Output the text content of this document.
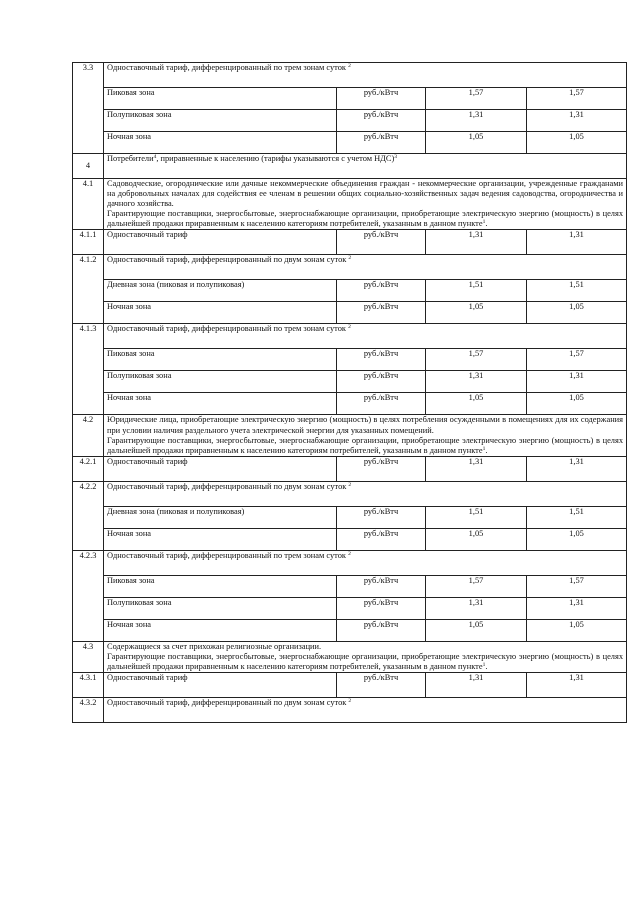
3.3	Одноставочный тариф, дифференцированный по трем зонам суток $^2$
	Пиковая зона	руб./кВтч	1,57	1,57
	Полупиковая зона	руб./кВтч	1,31	1,31
	Ночная зона	руб./кВтч	1,05	1,05
4	Потребители$^4$, приравненные к населению (тарифы указываются с учетом НДС)$^3$
4.1	Садоводческие, огороднические или дачные некоммерческие объединения граждан - некоммерческие организации, учрежденные гражданами на добровольных началах для содействия ее членам в решении общих социально-хозяйственных задач ведения садоводства, огородничества и дачного хозяйства.

Гарантирующие поставщики, энергосбытовые, энергоснабжающие организации, приобретающие электрическую энергию (мощность) в целях дальнейшей продажи приравненным к населению категориям потребителей, указанным в данном пункте$^1$.			

4.1.1	Одноставочный тариф	руб./кВтч	1,31	1,31
4.1.2	Одноставочный тариф, дифференцированный по двум зонам суток $^2$
	Дневная зона (пиковая и полупиковая)	руб./кВтч	1,51	1,51
	Ночная зона	руб./кВтч	1,05	1,05
4.1.3	Одноставочный тариф, дифференцированный по трем зонам суток $^2$
	Пиковая зона	руб./кВтч	1,57	1,57
	Полупиковая зона	руб./кВтч	1,31	1,31
	Ночная зона	руб./кВтч	1,05	1,05
4.2	Юридические лица, приобретающие электрическую энергию (мощность) в целях потребления осужденными в помещениях для их содержания при условии наличия раздельного учета электрической энергии для указанных помещений.

Гарантирующие поставщики, энергосбытовые, энергоснабжающие организации, приобретающие электрическую энергию (мощность) в целях дальнейшей продажи приравненным к населению категориям потребителей, указанным в данном пункте$^1$.			

4.2.1	Одноставочный тариф	руб./кВтч	1,31	1,31
4.2.2	Одноставочный тариф, дифференцированный по двум зонам суток $^2$
	Дневная зона (пиковая и полупиковая)	руб./кВтч	1,51	1,51
	Ночная зона	руб./кВтч	1,05	1,05
4.2.3	Одноставочный тариф, дифференцированный по трем зонам суток $^2$
	Пиковая зона	руб./кВтч	1,57	1,57
	Полупиковая зона	руб./кВтч	1,31	1,31
	Ночная зона	руб./кВтч	1,05	1,05
4.3	Содержащиеся за счет прихожан религиозные организации.

Гарантирующие поставщики, энергосбытовые, энергоснабжающие организации, приобретающие электрическую энергию (мощность) в целях дальнейшей продажи приравненным к населению категориям потребителей, указанным в данном пункте$^1$.			

4.3.1	Одноставочный тариф	руб./кВтч	1,31	1,31
4.3.2	Одноставочный тариф, дифференцированный по двум зонам суток $^2$
